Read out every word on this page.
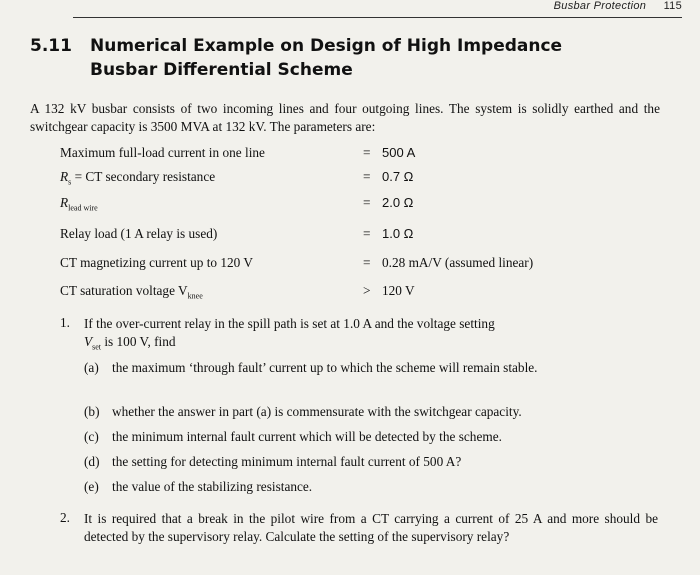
Busbar Protection 115
5.11 Numerical Example on Design of High Impedance
Busbar Differential Scheme
A 132 kV busbar consists of two incoming lines and four outgoing lines. The system is solidly earthed and the switchgear capacity is 3500 MVA at 132 kV. The parameters are:
Maximum full-load current in one line	= 500 A
$R_s$ = CT secondary resistance	= 0.7 Ω
$R_{lead wire}$	= 2.0 Ω
Relay load (1 A relay is used)	= 1.0 Ω
CT magnetizing current up to 120 V	= 0.28 mA/V (assumed linear)
CT saturation voltage $V_{knee}$	> 120 V
1. If the over-current relay in the spill path is set at 1.0 A and the voltage setting
$V_{set}$ is 100 V, find
(a) the maximum ‘through fault’ current up to which the scheme will remain stable.
(b) whether the answer in part (a) is commensurate with the switchgear capacity.
(c) the minimum internal fault current which will be detected by the scheme.
(d) the setting for detecting minimum internal fault current of 500 A?
(e) the value of the stabilizing resistance.
2. It is required that a break in the pilot wire from a CT carrying a current of 25 A and more should be detected by the supervisory relay. Calculate the setting of the supervisory relay?
